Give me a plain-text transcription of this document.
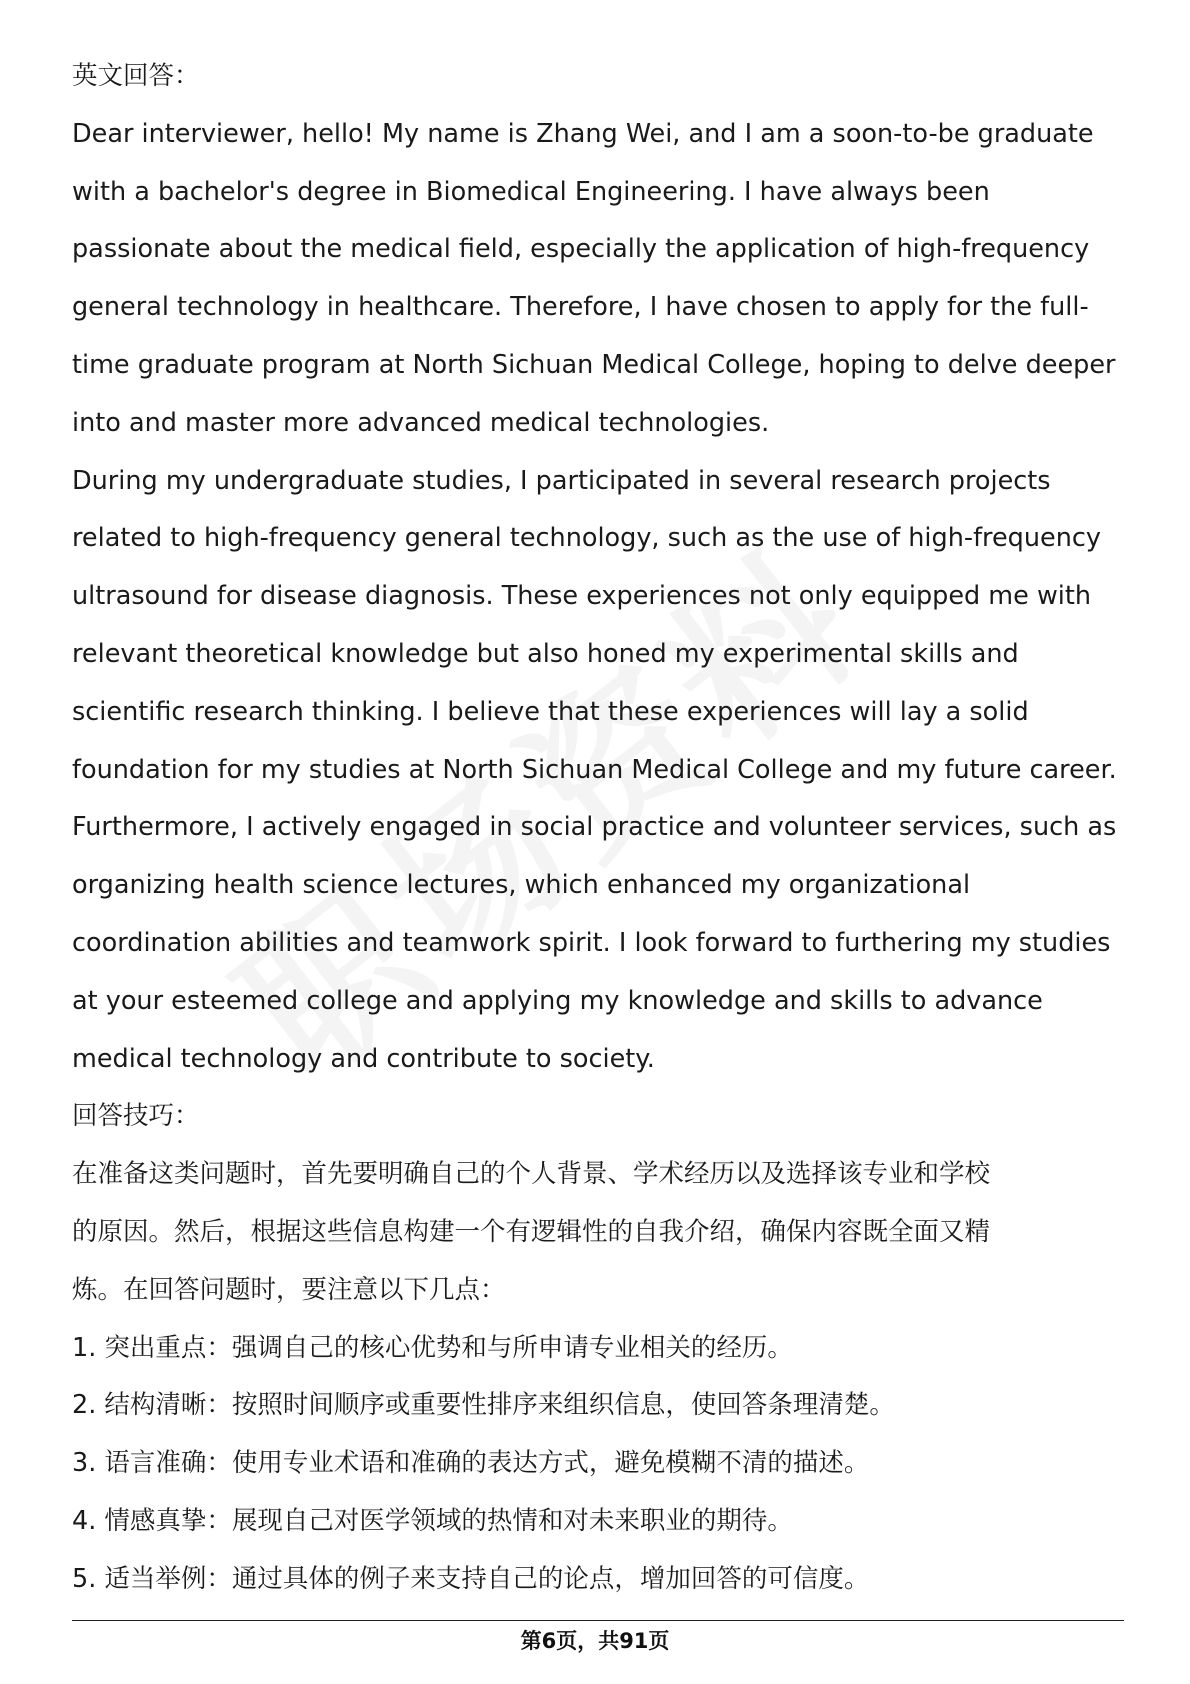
英文回答：
Dear interviewer, hello! My name is Zhang Wei, and I am a soon-to-be graduate
with a bachelor's degree in Biomedical Engineering. I have always been
passionate about the medical field, especially the application of high-frequency
general technology in healthcare. Therefore, I have chosen to apply for the full-
time graduate program at North Sichuan Medical College, hoping to delve deeper
into and master more advanced medical technologies.
During my undergraduate studies, I participated in several research projects
related to high-frequency general technology, such as the use of high-frequency
ultrasound for disease diagnosis. These experiences not only equipped me with
relevant theoretical knowledge but also honed my experimental skills and
scientific research thinking. I believe that these experiences will lay a solid
foundation for my studies at North Sichuan Medical College and my future career.
Furthermore, I actively engaged in social practice and volunteer services, such as
organizing health science lectures, which enhanced my organizational
coordination abilities and teamwork spirit. I look forward to furthering my studies
at your esteemed college and applying my knowledge and skills to advance
medical technology and contribute to society.
回答技巧：
在准备这类问题时，首先要明确自己的个人背景、学术经历以及选择该专业和学校
的原因。然后，根据这些信息构建一个有逻辑性的自我介绍，确保内容既全面又精
炼。在回答问题时，要注意以下几点：
1. 突出重点：强调自己的核心优势和与所申请专业相关的经历。
2. 结构清晰：按照时间顺序或重要性排序来组织信息，使回答条理清楚。
3. 语言准确：使用专业术语和准确的表达方式，避免模糊不清的描述。
4. 情感真挚：展现自己对医学领域的热情和对未来职业的期待。
5. 适当举例：通过具体的例子来支持自己的论点，增加回答的可信度。
第6页，共91页
